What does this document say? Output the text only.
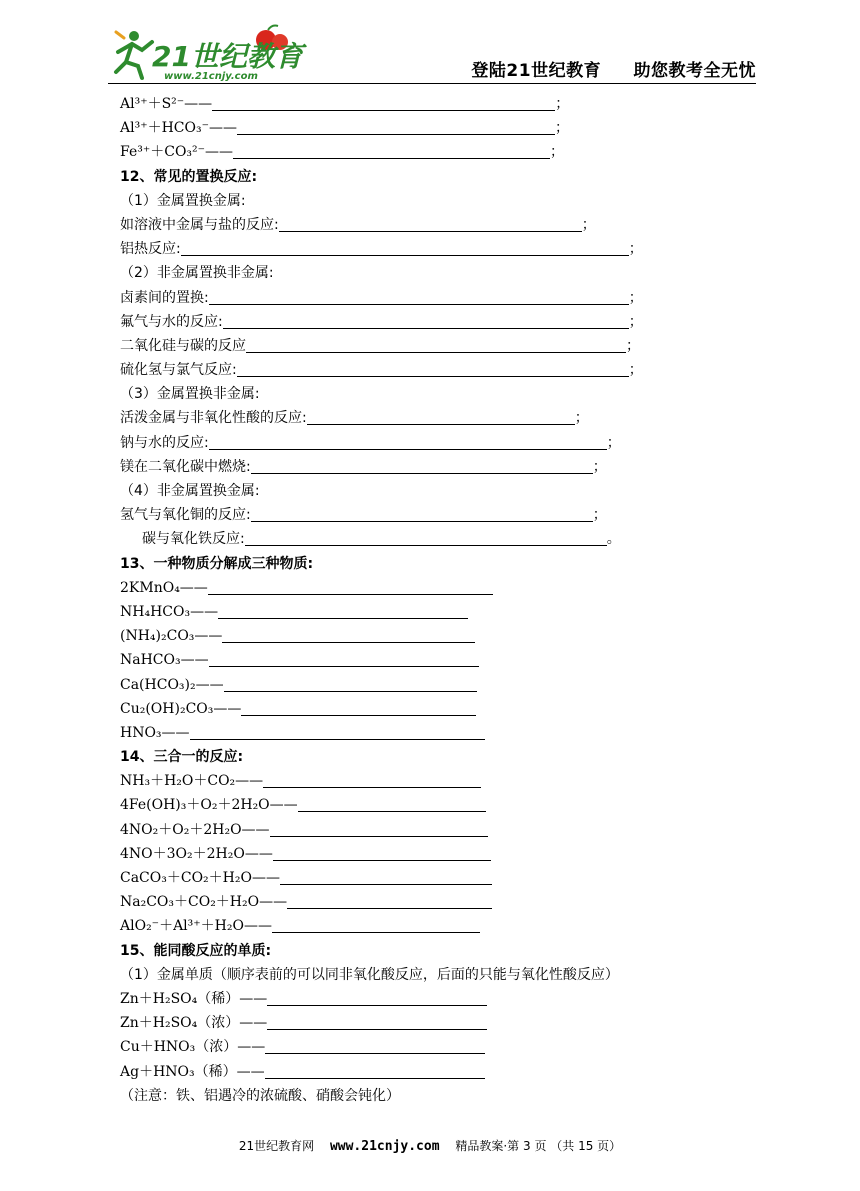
21世纪教育
www.21cnjy.com	登陆21世纪教育 助您教考全无忧
Al³⁺＋S²⁻——	；
Al³⁺＋HCO₃⁻——	；
Fe³⁺＋CO₃²⁻——	；
12、常见的置换反应:
（1）金属置换金属:
如溶液中金属与盐的反应:	；
铝热反应:	；
（2）非金属置换非金属:
卤素间的置换:	；
氟气与水的反应:	；
二氧化硅与碳的反应	；
硫化氢与氯气反应:	；
（3）金属置换非金属:
活泼金属与非氧化性酸的反应:	；
钠与水的反应:	；
镁在二氧化碳中燃烧:	；
（4）非金属置换金属:
氢气与氧化铜的反应:	；
碳与氧化铁反应:	。
13、一种物质分解成三种物质:
2KMnO₄——
NH₄HCO₃——
(NH₄)₂CO₃——
NaHCO₃——
Ca(HCO₃)₂——
Cu₂(OH)₂CO₃——
HNO₃——
14、三合一的反应:
NH₃＋H₂O＋CO₂——
4Fe(OH)₃＋O₂＋2H₂O——
4NO₂＋O₂＋2H₂O——
4NO＋3O₂＋2H₂O——
CaCO₃＋CO₂＋H₂O——
Na₂CO₃＋CO₂＋H₂O——
AlO₂⁻＋Al³⁺＋H₂O——
15、能同酸反应的单质:
（1）金属单质（顺序表前的可以同非氧化酸反应，后面的只能与氧化性酸反应）
Zn＋H₂SO₄（稀）——
Zn＋H₂SO₄（浓）——
Cu＋HNO₃（浓）——
Ag＋HNO₃（稀）——
（注意：铁、铝遇冷的浓硫酸、硝酸会钝化）
21世纪教育网 www.21cnjy.com 精品教案·第 3 页 （共 15 页）
